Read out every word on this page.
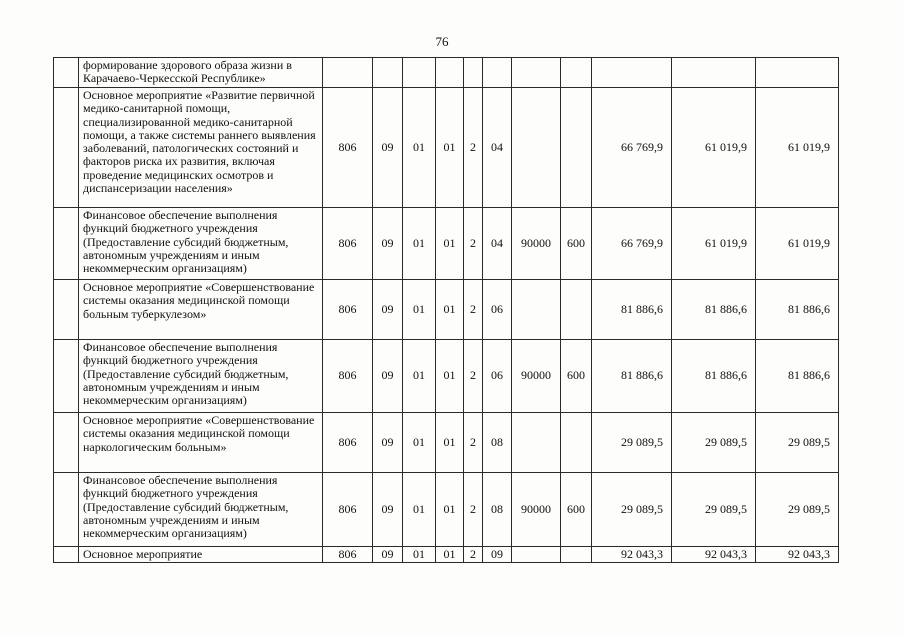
76
	формирование здорового образа жизни в Карачаево-Черкесской Республике»											
	Основное мероприятие «Развитие первичной медико-санитарной помощи, специализированной медико-санитарной помощи, а также системы раннего выявления заболеваний, патологических состояний и факторов риска их развития, включая проведение медицинских осмотров и диспансеризации населения»	806	09	01	01	2	04			66 769,9	61 019,9	61 019,9
	Финансовое обеспечение выполнения функций бюджетного учреждения (Предоставление субсидий бюджетным, автономным учреждениям и иным некоммерческим организациям)	806	09	01	01	2	04	90000	600	66 769,9	61 019,9	61 019,9
	Основное мероприятие «Совершенствование системы оказания медицинской помощи больным туберкулезом»	806	09	01	01	2	06			81 886,6	81 886,6	81 886,6
	Финансовое обеспечение выполнения функций бюджетного учреждения (Предоставление субсидий бюджетным, автономным учреждениям и иным некоммерческим организациям)	806	09	01	01	2	06	90000	600	81 886,6	81 886,6	81 886,6
	Основное мероприятие «Совершенствование системы оказания медицинской помощи наркологическим больным»	806	09	01	01	2	08			29 089,5	29 089,5	29 089,5
	Финансовое обеспечение выполнения функций бюджетного учреждения (Предоставление субсидий бюджетным, автономным учреждениям и иным некоммерческим организациям)	806	09	01	01	2	08	90000	600	29 089,5	29 089,5	29 089,5
	Основное мероприятие	806	09	01	01	2	09			92 043,3	92 043,3	92 043,3
